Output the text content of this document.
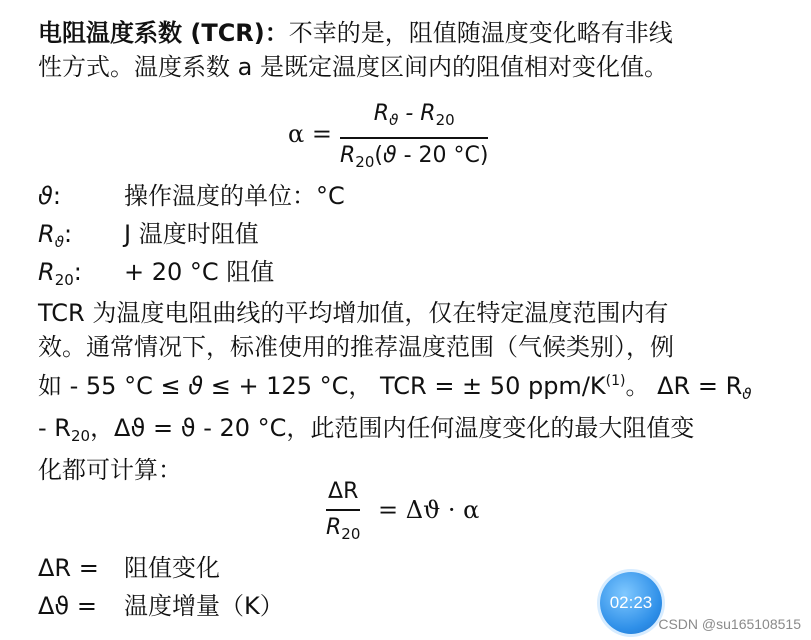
电阻温度系数 (TCR)：不幸的是，阻值随温度变化略有非线
性方式。温度系数 a 是既定温度区间内的阻值相对变化值。
α =
$R_ϑ - R_{20}$
$R_{20}(ϑ - 20$ °C)
ϑ:	操作温度的单位：°C
$R_ϑ$: J 温度时阻值
$R_{20}$: + 20 °C 阻值
TCR 为温度电阻曲线的平均增加值，仅在特定温度范围内有
效。通常情况下，标准使用的推荐温度范围（气候类别），例
如 - 55 °C ≤ ϑ ≤ + 125 °C， TCR = ± 50 ppm/$K^{(1)}$。 $\Delta R = R_ϑ$
- $R_{20}$，Δϑ = ϑ - 20 °C，此范围内任何温度变化的最大阻值变
化都可计算：
ΔR
$R_{20}$
= Δϑ · α
ΔR = 阻值变化
Δϑ = 温度增量（K）	02:23
CSDN @su165108515
